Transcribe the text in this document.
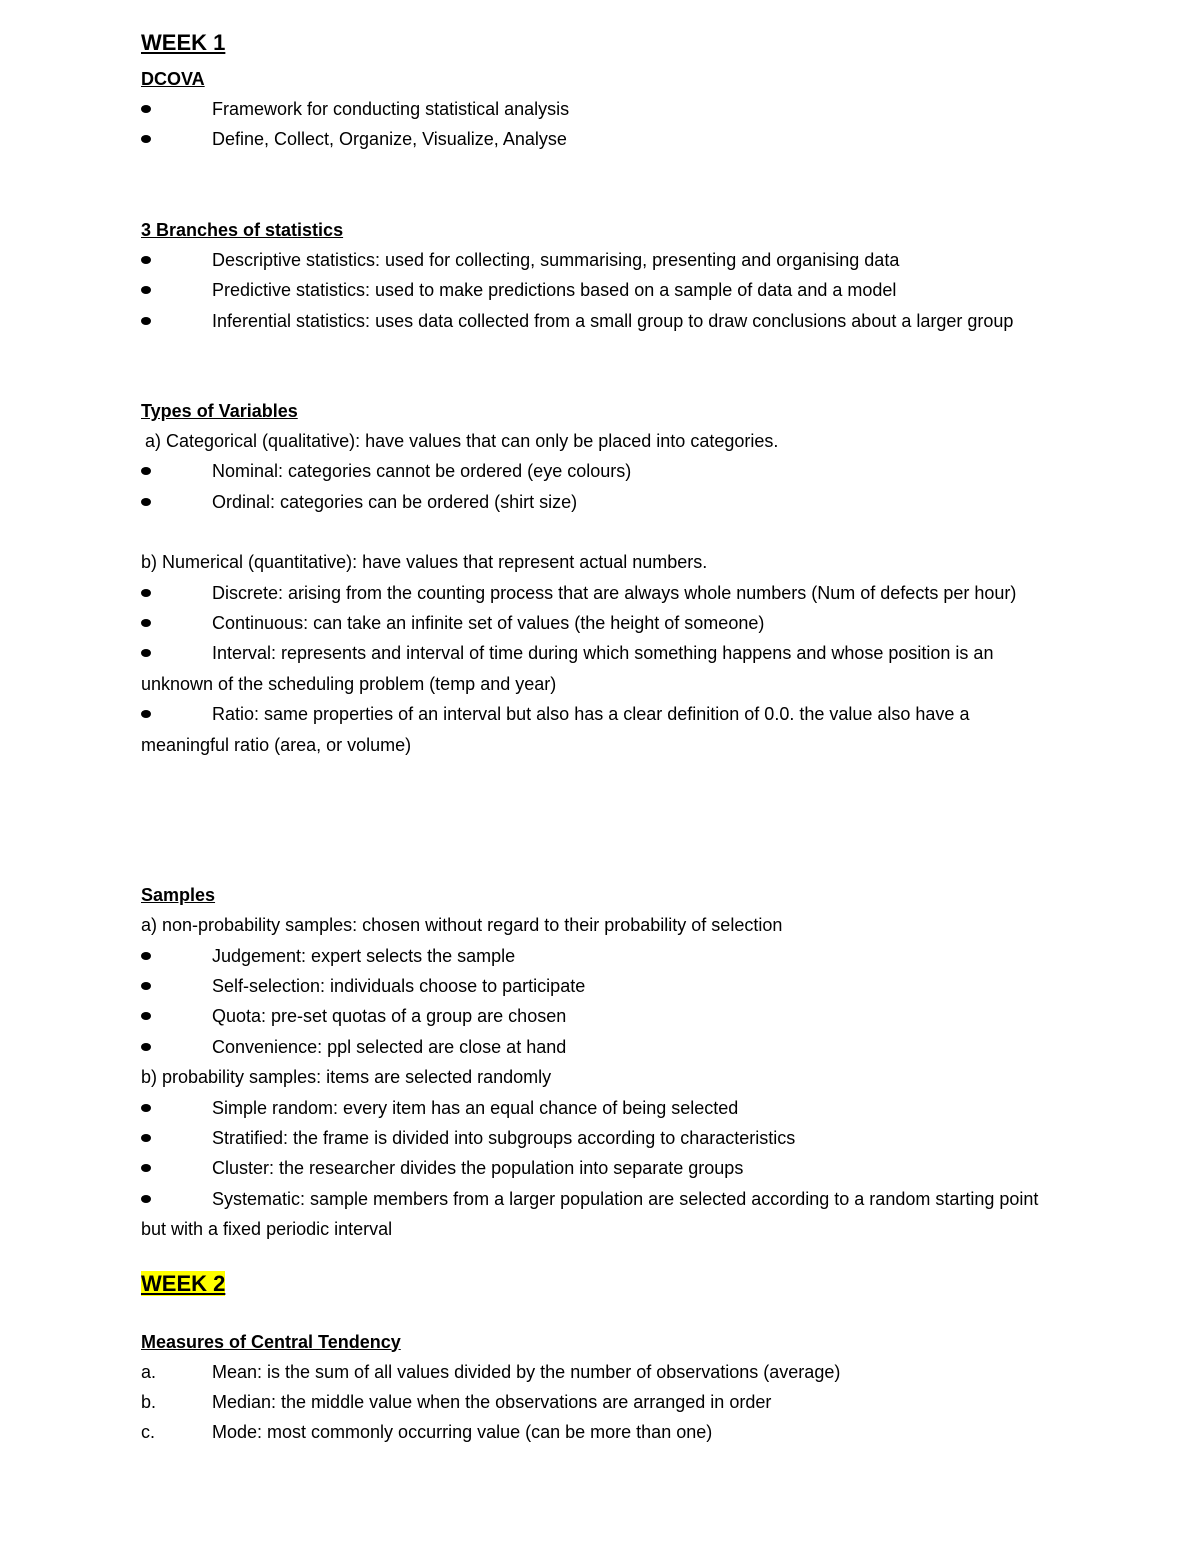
WEEK 1
DCOVA
Framework for conducting statistical analysis
Define, Collect, Organize, Visualize, Analyse
3 Branches of statistics
Descriptive statistics: used for collecting, summarising, presenting and organising data
Predictive statistics: used to make predictions based on a sample of data and a model
Inferential statistics: uses data collected from a small group to draw conclusions about a larger group
Types of Variables
a) Categorical (qualitative): have values that can only be placed into categories.
Nominal: categories cannot be ordered (eye colours)
Ordinal: categories can be ordered (shirt size)
b) Numerical (quantitative): have values that represent actual numbers.
Discrete: arising from the counting process that are always whole numbers (Num of defects per hour)
Continuous: can take an infinite set of values (the height of someone)
Interval: represents and interval of time during which something happens and whose position is an unknown of the scheduling problem (temp and year)
Ratio: same properties of an interval but also has a clear definition of 0.0. the value also have a meaningful ratio (area, or volume)
Samples
a) non-probability samples: chosen without regard to their probability of selection
Judgement: expert selects the sample
Self-selection: individuals choose to participate
Quota: pre-set quotas of a group are chosen
Convenience: ppl selected are close at hand
b) probability samples: items are selected randomly
Simple random: every item has an equal chance of being selected
Stratified: the frame is divided into subgroups according to characteristics
Cluster: the researcher divides the population into separate groups
Systematic: sample members from a larger population are selected according to a random starting point but with a fixed periodic interval
WEEK 2
Measures of Central Tendency
a.	Mean: is the sum of all values divided by the number of observations (average)
b.	Median: the middle value when the observations are arranged in order
c.	Mode: most commonly occurring value (can be more than one)
